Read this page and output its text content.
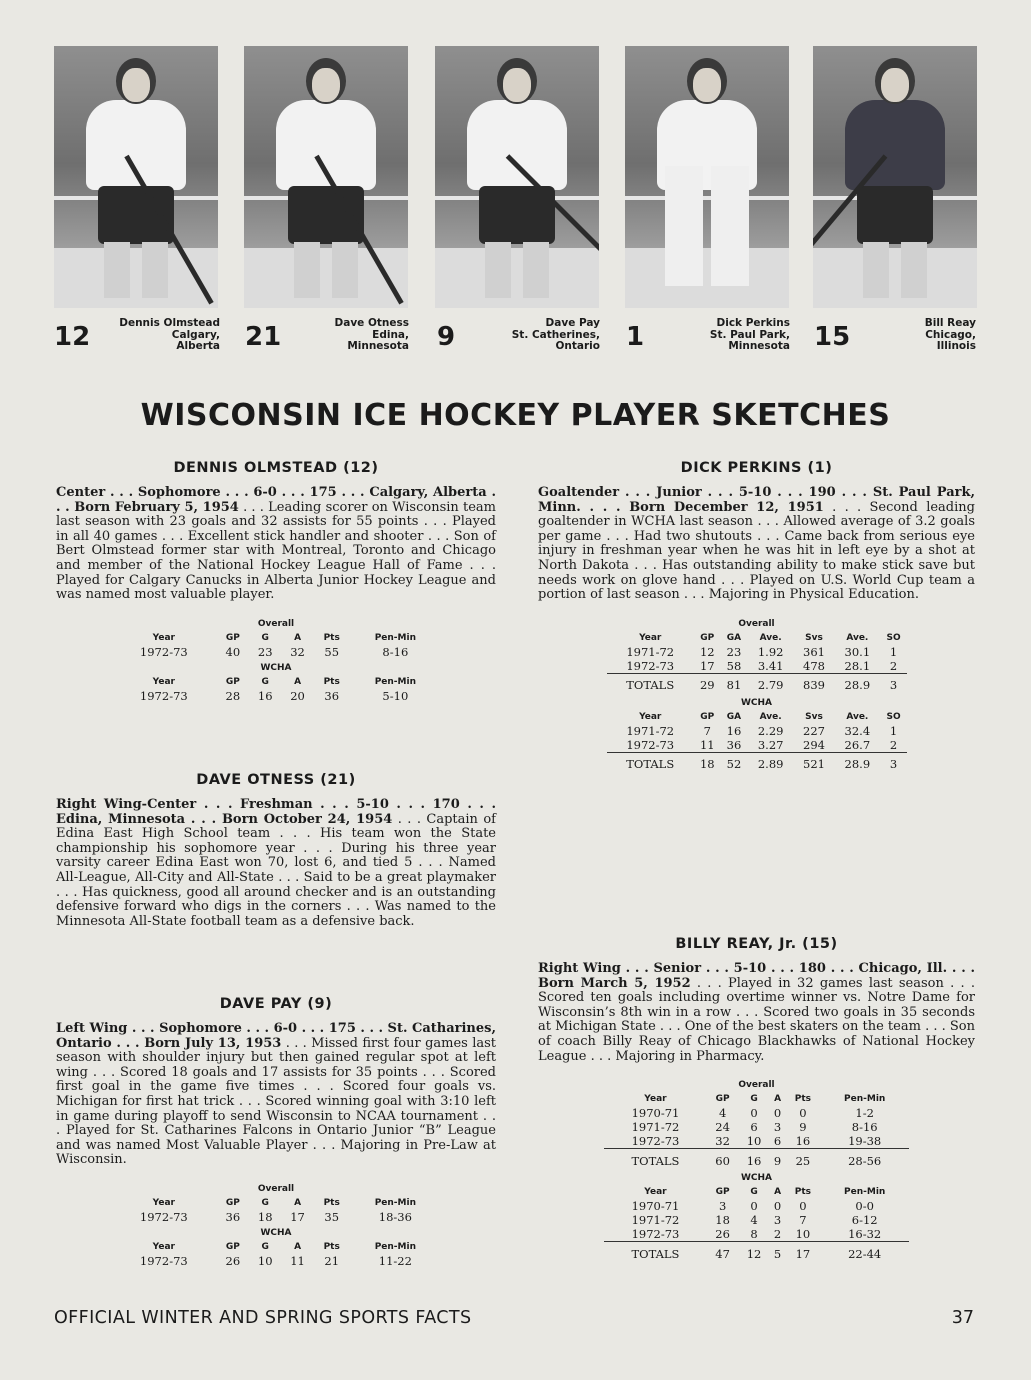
12	Dennis Olmstead
Calgary,
Alberta 21	Dave Otness
Edina,
Minnesota 9	Dave Pay
St. Catherines,
Ontario 1	Dick Perkins
St. Paul Park,
Minnesota 15	Bill Reay
Chicago,
Illinois
WISCONSIN ICE HOCKEY PLAYER SKETCHES
DENNIS OLMSTEAD (12)

Center . . . Sophomore . . . 6-0 . . . 175 . . . Calgary, Alberta . . . Born February 5, 1954 . . . Leading scorer on Wisconsin team last season with 23 goals and 32 assists for 55 points . . . Played in all 40 games . . . Excellent stick handler and shooter . . . Son of Bert Olmstead former star with Montreal, Toronto and Chicago and member of the National Hockey League Hall of Fame . . . Played for Calgary Canucks in Alberta Junior Hockey League and was named most valuable player.

Overall					
Year	GP	G	A	Pts	Pen-Min
1972-73	40	23	32	55	8-16
WCHA					
Year	GP	G	A	Pts	Pen-Min
1972-73	28	16	20	36	5-10
DAVE OTNESS (21)

Right Wing-Center . . . Freshman . . . 5-10 . . . 170 . . . Edina, Minnesota . . . Born October 24, 1954 . . . Captain of Edina East High School team . . . His team won the State championship his sophomore year . . . During his three year varsity career Edina East won 70, lost 6, and tied 5 . . . Named All-League, All-City and All-State . . . Said to be a great playmaker . . . Has quickness, good all around checker and is an outstanding defensive forward who digs in the corners . . . Was named to the Minnesota All-State football team as a defensive back.

DAVE PAY (9)

Left Wing . . . Sophomore . . . 6-0 . . . 175 . . . St. Catharines, Ontario . . . Born July 13, 1953 . . . Missed first four games last season with shoulder injury but then gained regular spot at left wing . . . Scored 18 goals and 17 assists for 35 points . . . Scored first goal in the game five times . . . Scored four goals vs. Michigan for first hat trick . . . Scored winning goal with 3:10 left in game during playoff to send Wisconsin to NCAA tournament . . . Played for St. Catharines Falcons in Ontario Junior “B” League and was named Most Valuable Player . . . Majoring in Pre-Law at Wisconsin.

Overall					
Year	GP	G	A	Pts	Pen-Min
1972-73	36	18	17	35	18-36
WCHA					
Year	GP	G	A	Pts	Pen-Min
1972-73	26	10	11	21	11-22
DICK PERKINS (1)

Goaltender . . . Junior . . . 5-10 . . . 190 . . . St. Paul Park, Minn. . . . Born December 12, 1951 . . . Second leading goaltender in WCHA last season . . . Allowed average of 3.2 goals per game . . . Had two shutouts . . . Came back from serious eye injury in freshman year when he was hit in left eye by a shot at North Dakota . . . Has outstanding ability to make stick save but needs work on glove hand . . . Played on U.S. World Cup team a portion of last season . . . Majoring in Physical Education.

Overall						
Year	GP	GA	Ave.	Svs	Ave.	SO
1971-72	12	23	1.92	361	30.1	1
1972-73	17	58	3.41	478	28.1	2
TOTALS	29	81	2.79	839	28.9	3
WCHA						
Year	GP	GA	Ave.	Svs	Ave.	SO
1971-72	7	16	2.29	227	32.4	1
1972-73	11	36	3.27	294	26.7	2
TOTALS	18	52	2.89	521	28.9	3
BILLY REAY, Jr. (15)

Right Wing . . . Senior . . . 5-10 . . . 180 . . . Chicago, Ill. . . . Born March 5, 1952 . . . Played in 32 games last season . . . Scored ten goals including overtime winner vs. Notre Dame for Wisconsin’s 8th win in a row . . . Scored two goals in 35 seconds at Michigan State . . . One of the best skaters on the team . . . Son of coach Billy Reay of Chicago Blackhawks of National Hockey League . . . Majoring in Pharmacy.

Overall					
Year	GP	G	A	Pts	Pen-Min
1970-71	4	0	0	0	1-2
1971-72	24	6	3	9	8-16
1972-73	32	10	6	16	19-38
TOTALS	60	16	9	25	28-56
WCHA					
Year	GP	G	A	Pts	Pen-Min
1970-71	3	0	0	0	0-0
1971-72	18	4	3	7	6-12
1972-73	26	8	2	10	16-32
TOTALS	47	12	5	17	22-44
OFFICIAL WINTER AND SPRING SPORTS FACTS	37
